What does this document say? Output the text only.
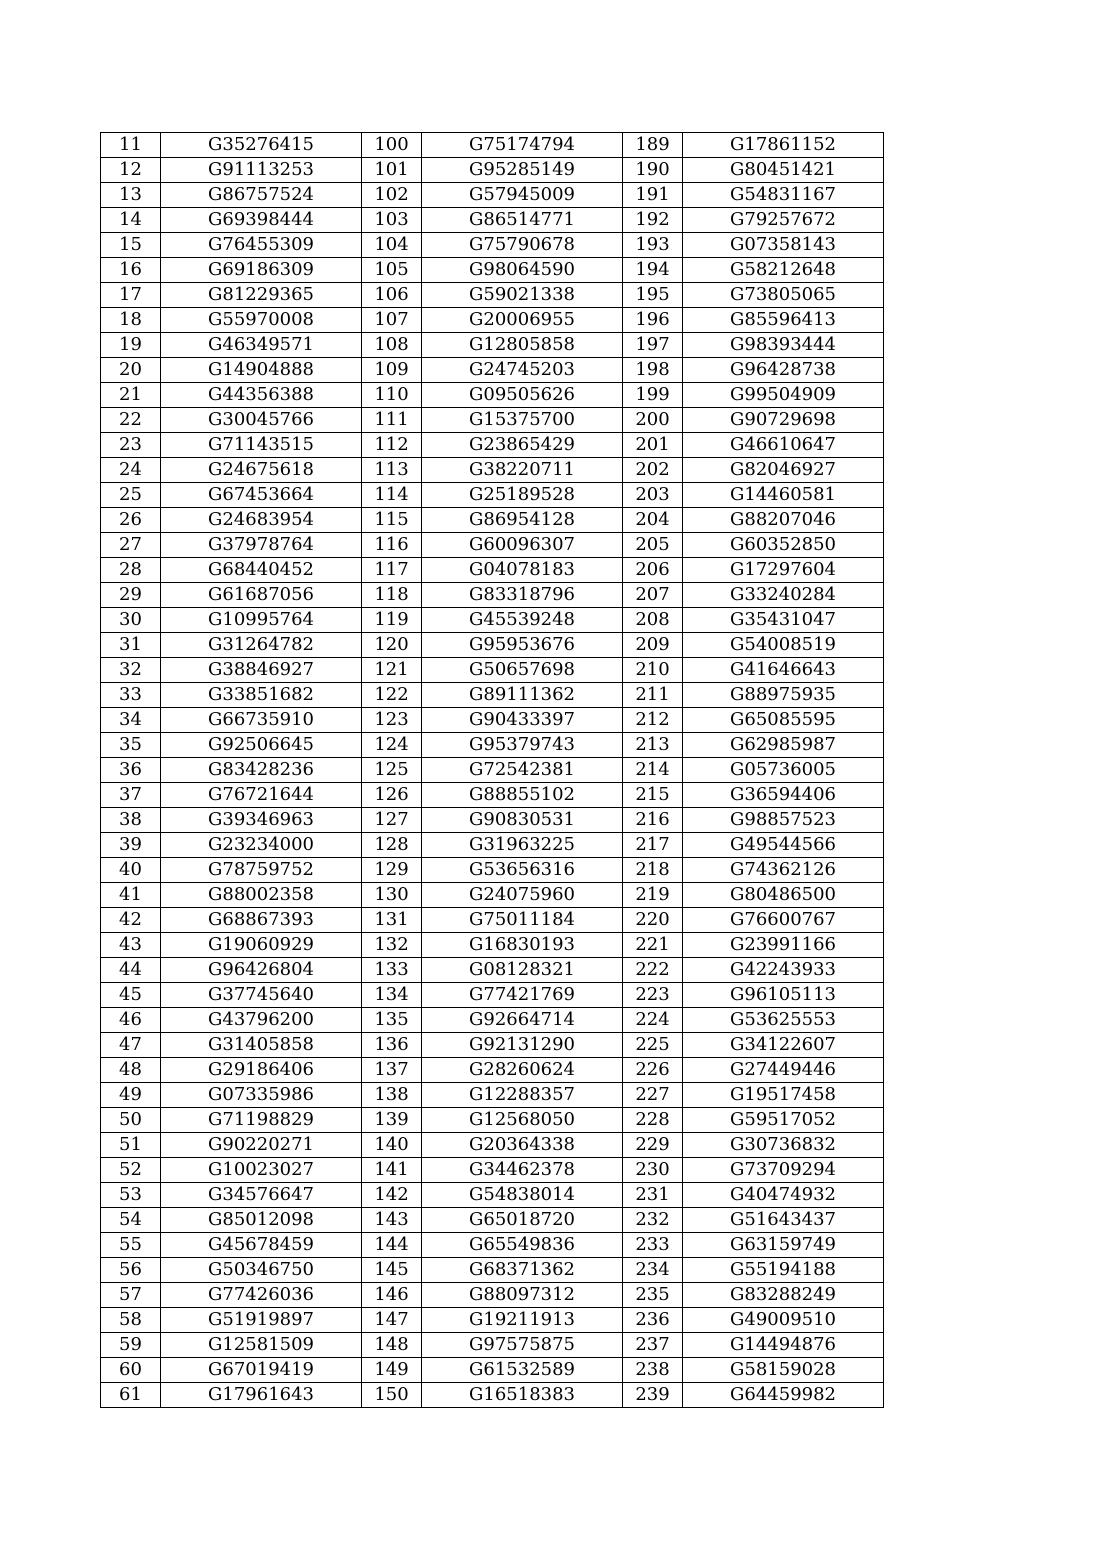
11	G35276415	100	G75174794	189	G17861152
12	G91113253	101	G95285149	190	G80451421
13	G86757524	102	G57945009	191	G54831167
14	G69398444	103	G86514771	192	G79257672
15	G76455309	104	G75790678	193	G07358143
16	G69186309	105	G98064590	194	G58212648
17	G81229365	106	G59021338	195	G73805065
18	G55970008	107	G20006955	196	G85596413
19	G46349571	108	G12805858	197	G98393444
20	G14904888	109	G24745203	198	G96428738
21	G44356388	110	G09505626	199	G99504909
22	G30045766	111	G15375700	200	G90729698
23	G71143515	112	G23865429	201	G46610647
24	G24675618	113	G38220711	202	G82046927
25	G67453664	114	G25189528	203	G14460581
26	G24683954	115	G86954128	204	G88207046
27	G37978764	116	G60096307	205	G60352850
28	G68440452	117	G04078183	206	G17297604
29	G61687056	118	G83318796	207	G33240284
30	G10995764	119	G45539248	208	G35431047
31	G31264782	120	G95953676	209	G54008519
32	G38846927	121	G50657698	210	G41646643
33	G33851682	122	G89111362	211	G88975935
34	G66735910	123	G90433397	212	G65085595
35	G92506645	124	G95379743	213	G62985987
36	G83428236	125	G72542381	214	G05736005
37	G76721644	126	G88855102	215	G36594406
38	G39346963	127	G90830531	216	G98857523
39	G23234000	128	G31963225	217	G49544566
40	G78759752	129	G53656316	218	G74362126
41	G88002358	130	G24075960	219	G80486500
42	G68867393	131	G75011184	220	G76600767
43	G19060929	132	G16830193	221	G23991166
44	G96426804	133	G08128321	222	G42243933
45	G37745640	134	G77421769	223	G96105113
46	G43796200	135	G92664714	224	G53625553
47	G31405858	136	G92131290	225	G34122607
48	G29186406	137	G28260624	226	G27449446
49	G07335986	138	G12288357	227	G19517458
50	G71198829	139	G12568050	228	G59517052
51	G90220271	140	G20364338	229	G30736832
52	G10023027	141	G34462378	230	G73709294
53	G34576647	142	G54838014	231	G40474932
54	G85012098	143	G65018720	232	G51643437
55	G45678459	144	G65549836	233	G63159749
56	G50346750	145	G68371362	234	G55194188
57	G77426036	146	G88097312	235	G83288249
58	G51919897	147	G19211913	236	G49009510
59	G12581509	148	G97575875	237	G14494876
60	G67019419	149	G61532589	238	G58159028
61	G17961643	150	G16518383	239	G64459982
